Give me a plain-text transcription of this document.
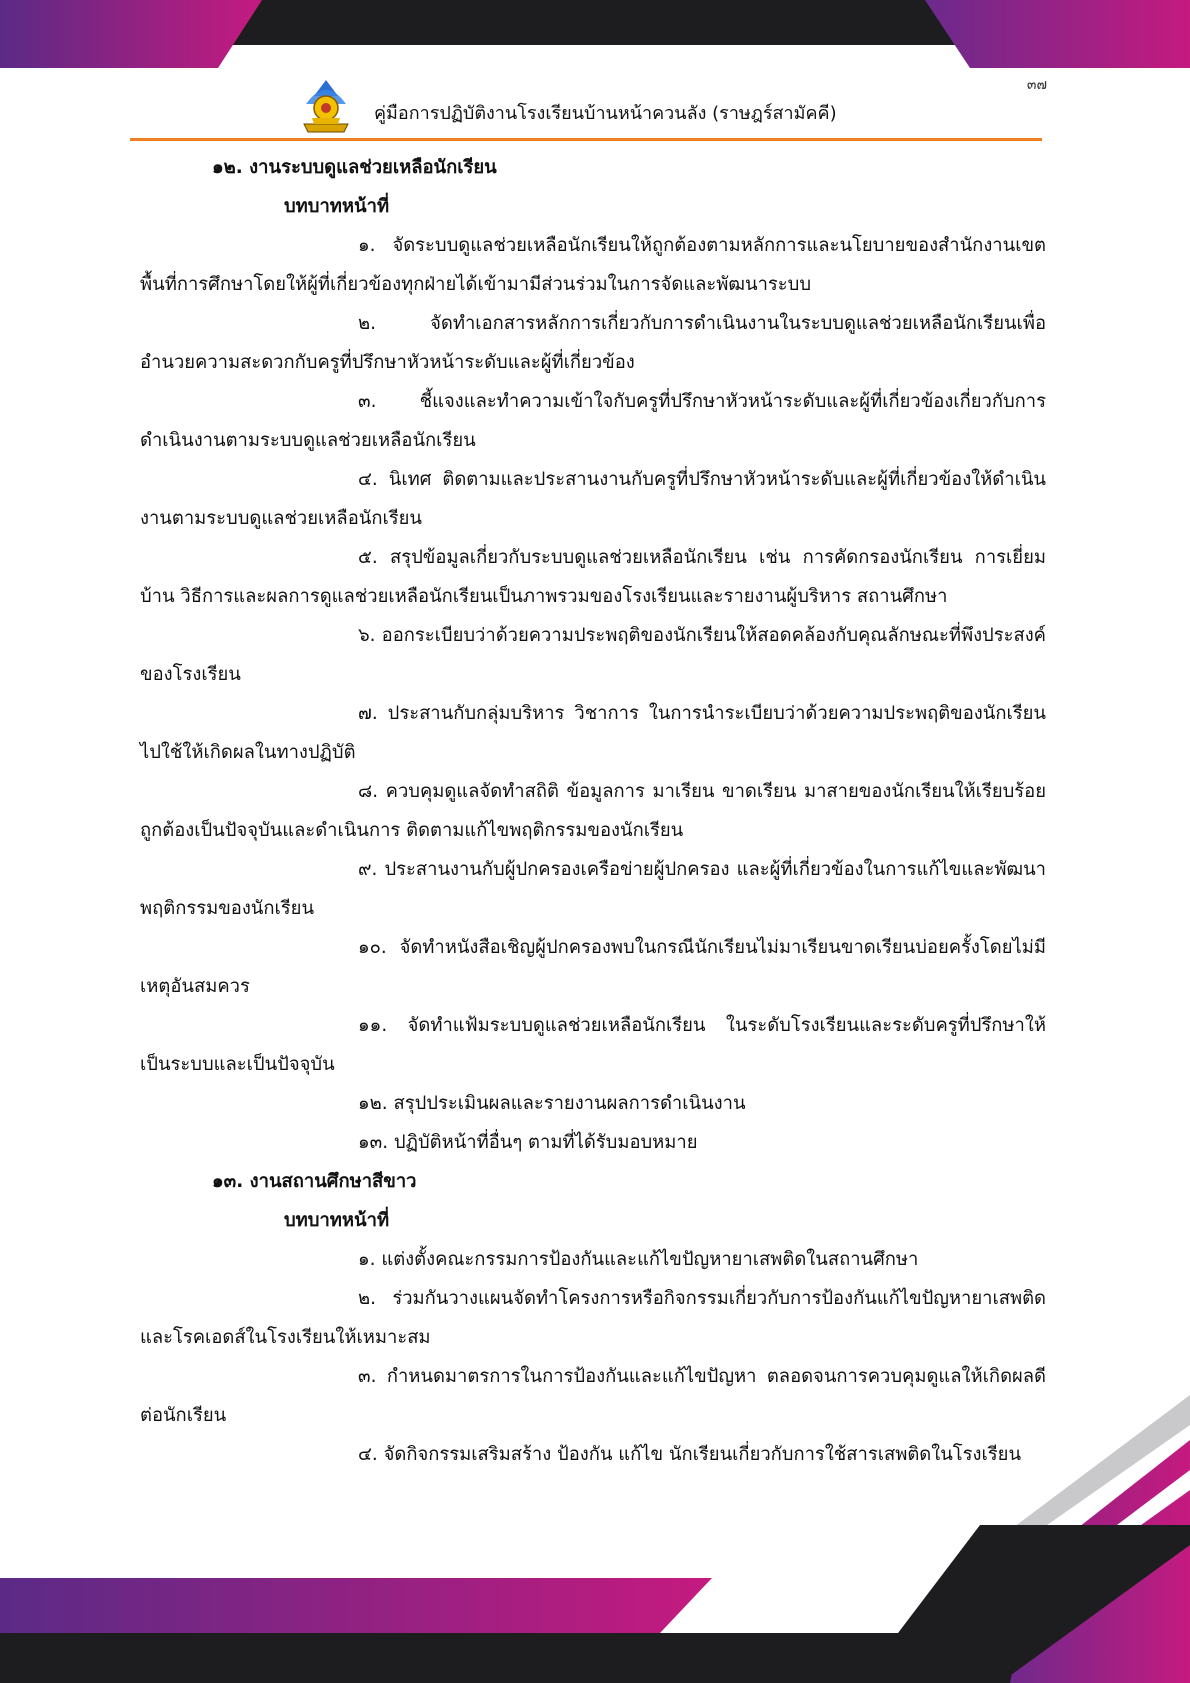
คู่มือการปฏิบัติงานโรงเรียนบ้านหน้าควนลัง (ราษฎร์สามัคคี)
๓๗
๑๒. งานระบบดูแลช่วยเหลือนักเรียน
บทบาทหน้าที่
๑. จัดระบบดูแลช่วยเหลือนักเรียนให้ถูกต้องตามหลักการและนโยบายของสำนักงานเขตพื้นที่การศึกษาโดยให้ผู้ที่เกี่ยวข้องทุกฝ่ายได้เข้ามามีส่วนร่วมในการจัดและพัฒนาระบบ
๒. จัดทำเอกสารหลักการเกี่ยวกับการดำเนินงานในระบบดูแลช่วยเหลือนักเรียนเพื่ออำนวยความสะดวกกับครูที่ปรึกษาหัวหน้าระดับและผู้ที่เกี่ยวข้อง
๓. ชี้แจงและทำความเข้าใจกับครูที่ปรึกษาหัวหน้าระดับและผู้ที่เกี่ยวข้องเกี่ยวกับการดำเนินงานตามระบบดูแลช่วยเหลือนักเรียน
๔. นิเทศ ติดตามและประสานงานกับครูที่ปรึกษาหัวหน้าระดับและผู้ที่เกี่ยวข้องให้ดำเนินงานตามระบบดูแลช่วยเหลือนักเรียน
๕. สรุปข้อมูลเกี่ยวกับระบบดูแลช่วยเหลือนักเรียน เช่น การคัดกรองนักเรียน การเยี่ยมบ้าน วิธีการและผลการดูแลช่วยเหลือนักเรียนเป็นภาพรวมของโรงเรียนและรายงานผู้บริหาร สถานศึกษา
๖. ออกระเบียบว่าด้วยความประพฤติของนักเรียนให้สอดคล้องกับคุณลักษณะที่พึงประสงค์ของโรงเรียน
๗. ประสานกับกลุ่มบริหาร วิชาการ ในการนำระเบียบว่าด้วยความประพฤติของนักเรียนไปใช้ให้เกิดผลในทางปฏิบัติ
๘. ควบคุมดูแลจัดทำสถิติ ข้อมูลการ มาเรียน ขาดเรียน มาสายของนักเรียนให้เรียบร้อยถูกต้องเป็นปัจจุบันและดำเนินการ ติดตามแก้ไขพฤติกรรมของนักเรียน
๙. ประสานงานกับผู้ปกครองเครือข่ายผู้ปกครอง และผู้ที่เกี่ยวข้องในการแก้ไขและพัฒนาพฤติกรรมของนักเรียน
๑๐. จัดทำหนังสือเชิญผู้ปกครองพบในกรณีนักเรียนไม่มาเรียนขาดเรียนบ่อยครั้งโดยไม่มีเหตุอันสมควร
๑๑. จัดทำแฟ้มระบบดูแลช่วยเหลือนักเรียน ในระดับโรงเรียนและระดับครูที่ปรึกษาให้เป็นระบบและเป็นปัจจุบัน
๑๒. สรุปประเมินผลและรายงานผลการดำเนินงาน
๑๓. ปฏิบัติหน้าที่อื่นๆ ตามที่ได้รับมอบหมาย
๑๓. งานสถานศึกษาสีขาว
บทบาทหน้าที่
๑. แต่งตั้งคณะกรรมการป้องกันและแก้ไขปัญหายาเสพติดในสถานศึกษา
๒. ร่วมกันวางแผนจัดทำโครงการหรือกิจกรรมเกี่ยวกับการป้องกันแก้ไขปัญหายาเสพติดและโรคเอดส์ในโรงเรียนให้เหมาะสม
๓. กำหนดมาตรการในการป้องกันและแก้ไขปัญหา ตลอดจนการควบคุมดูแลให้เกิดผลดีต่อนักเรียน
๔. จัดกิจกรรมเสริมสร้าง ป้องกัน แก้ไข นักเรียนเกี่ยวกับการใช้สารเสพติดในโรงเรียน
